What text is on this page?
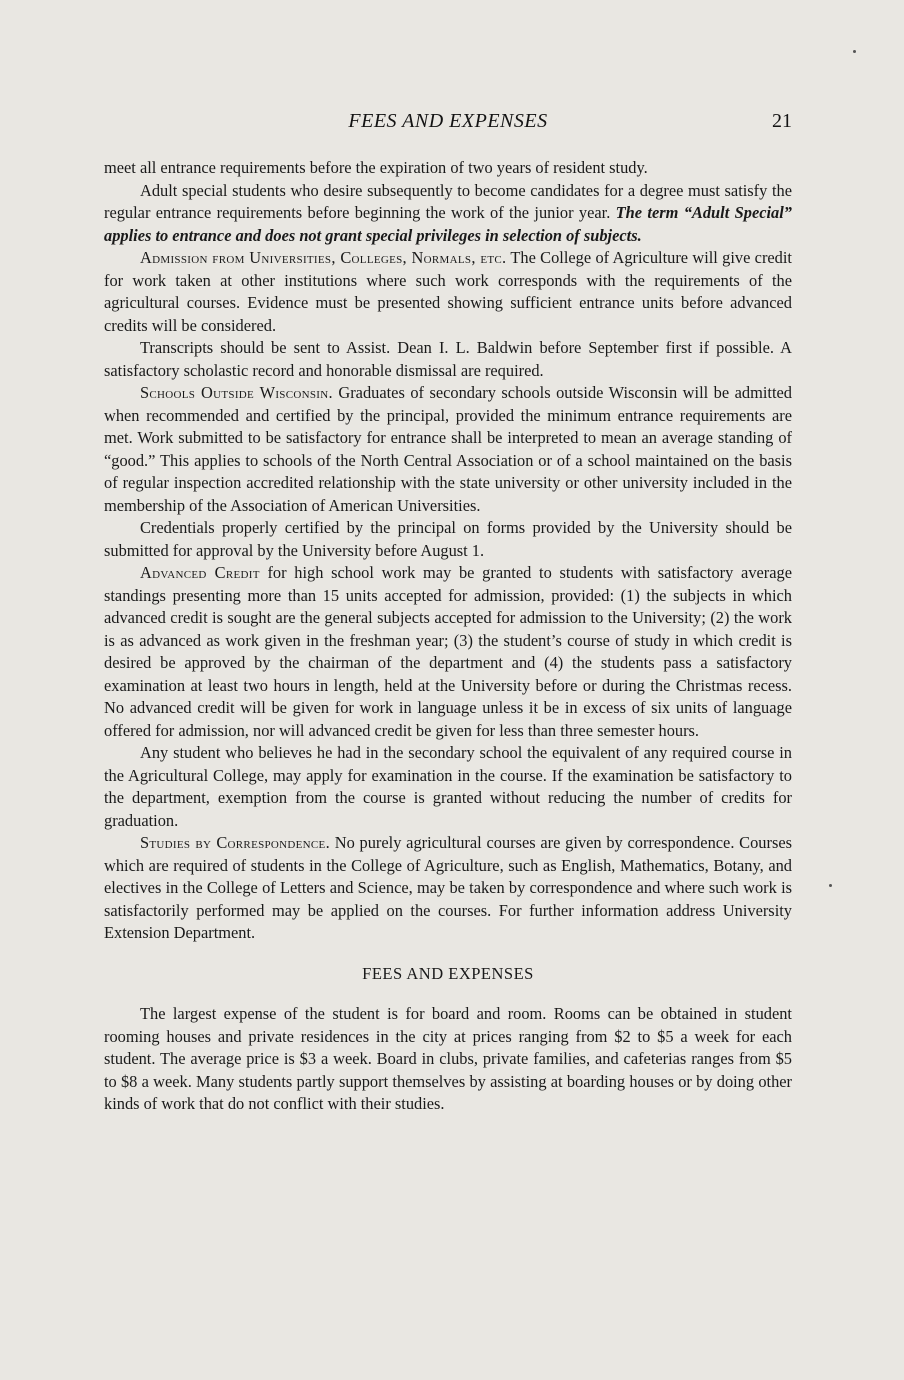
FEES AND EXPENSES	21

meet all entrance requirements before the expiration of two years of resident study.

Adult special students who desire subsequently to become candidates for a degree must satisfy the regular entrance requirements before beginning the work of the junior year. The term “Adult Special” applies to entrance and does not grant special privileges in selection of subjects.

Admission from Universities, Colleges, Normals, etc. The College of Agriculture will give credit for work taken at other institutions where such work corresponds with the requirements of the agricultural courses. Evidence must be presented showing sufficient entrance units before advanced credits will be considered.

Transcripts should be sent to Assist. Dean I. L. Baldwin before September first if possible. A satisfactory scholastic record and honorable dismissal are required.

Schools Outside Wisconsin. Graduates of secondary schools outside Wisconsin will be admitted when recommended and certified by the principal, provided the minimum entrance requirements are met. Work submitted to be satisfactory for entrance shall be interpreted to mean an average standing of “good.” This applies to schools of the North Central Association or of a school maintained on the basis of regular inspection accredited relationship with the state university or other university included in the membership of the Association of American Universities.

Credentials properly certified by the principal on forms provided by the University should be submitted for approval by the University before August 1.

Advanced Credit for high school work may be granted to students with satisfactory average standings presenting more than 15 units accepted for admission, provided: (1) the subjects in which advanced credit is sought are the general subjects accepted for admission to the University; (2) the work is as advanced as work given in the freshman year; (3) the student’s course of study in which credit is desired be approved by the chairman of the department and (4) the students pass a satisfactory examination at least two hours in length, held at the University before or during the Christmas recess. No advanced credit will be given for work in language unless it be in excess of six units of language offered for admission, nor will advanced credit be given for less than three semester hours.

Any student who believes he had in the secondary school the equivalent of any required course in the Agricultural College, may apply for examination in the course. If the examination be satisfactory to the department, exemption from the course is granted without reducing the number of credits for graduation.

Studies by Correspondence. No purely agricultural courses are given by correspondence. Courses which are required of students in the College of Agriculture, such as English, Mathematics, Botany, and electives in the College of Letters and Science, may be taken by correspondence and where such work is satisfactorily performed may be applied on the courses. For further information address University Extension Department.

FEES AND EXPENSES

The largest expense of the student is for board and room. Rooms can be obtained in student rooming houses and private residences in the city at prices ranging from $2 to $5 a week for each student. The average price is $3 a week. Board in clubs, private families, and cafeterias ranges from $5 to $8 a week. Many students partly support themselves by assisting at boarding houses or by doing other kinds of work that do not conflict with their studies.
